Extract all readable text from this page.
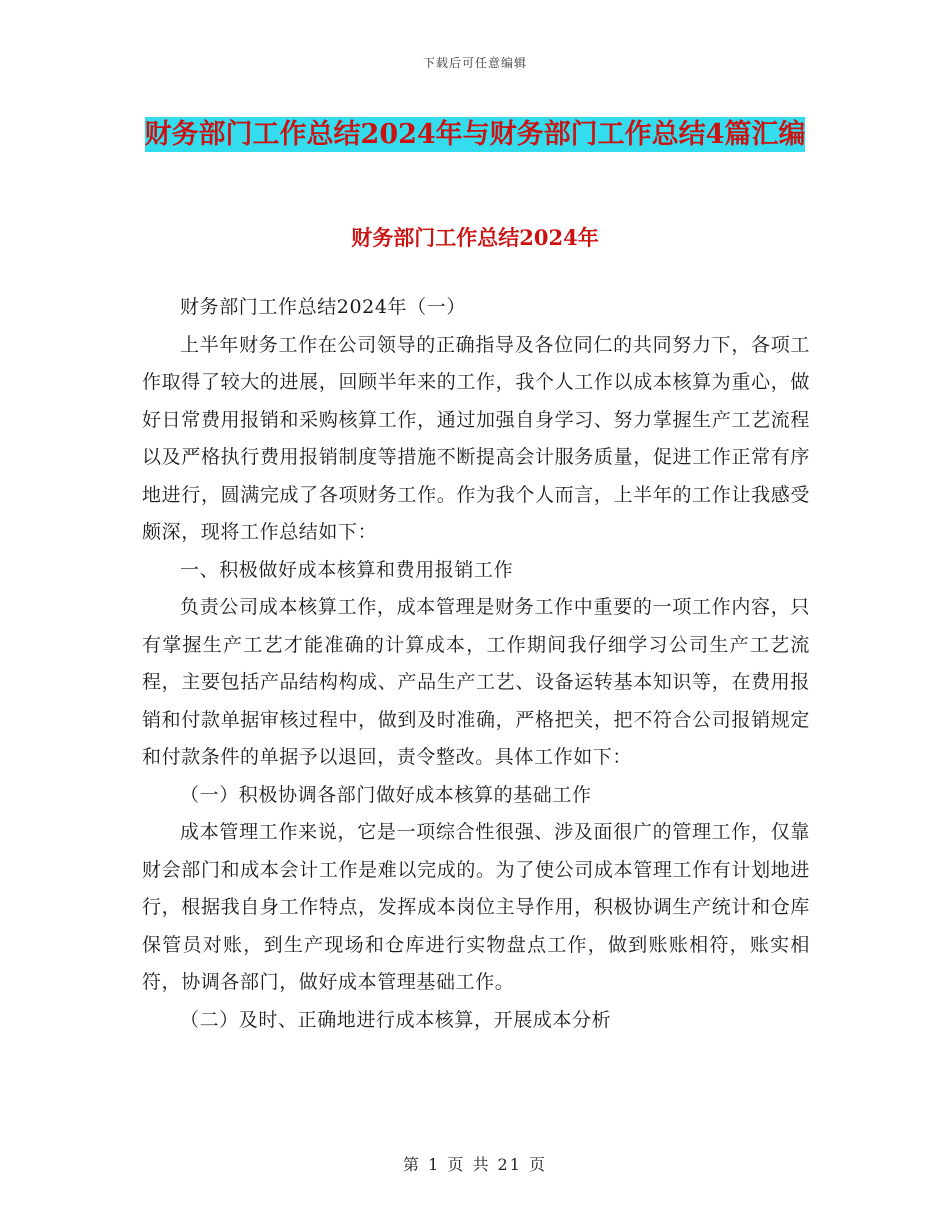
下载后可任意编辑
财务部门工作总结2024年与财务部门工作总结4篇汇编
财务部门工作总结2024年

财务部门工作总结2024年（一）

上半年财务工作在公司领导的正确指导及各位同仁的共同努力下，各项工作取得了较大的进展，回顾半年来的工作，我个人工作以成本核算为重心，做好日常费用报销和采购核算工作，通过加强自身学习、努力掌握生产工艺流程以及严格执行费用报销制度等措施不断提高会计服务质量，促进工作正常有序地进行，圆满完成了各项财务工作。作为我个人而言，上半年的工作让我感受颇深，现将工作总结如下：

一、积极做好成本核算和费用报销工作

负责公司成本核算工作，成本管理是财务工作中重要的一项工作内容，只有掌握生产工艺才能准确的计算成本，工作期间我仔细学习公司生产工艺流程，主要包括产品结构构成、产品生产工艺、设备运转基本知识等，在费用报销和付款单据审核过程中，做到及时准确，严格把关，把不符合公司报销规定和付款条件的单据予以退回，责令整改。具体工作如下：

（一）积极协调各部门做好成本核算的基础工作

成本管理工作来说，它是一项综合性很强、涉及面很广的管理工作，仅靠财会部门和成本会计工作是难以完成的。为了使公司成本管理工作有计划地进行，根据我自身工作特点，发挥成本岗位主导作用，积极协调生产统计和仓库保管员对账，到生产现场和仓库进行实物盘点工作，做到账账相符，账实相符，协调各部门，做好成本管理基础工作。

（二）及时、正确地进行成本核算，开展成本分析

第 1 页 共 21 页
